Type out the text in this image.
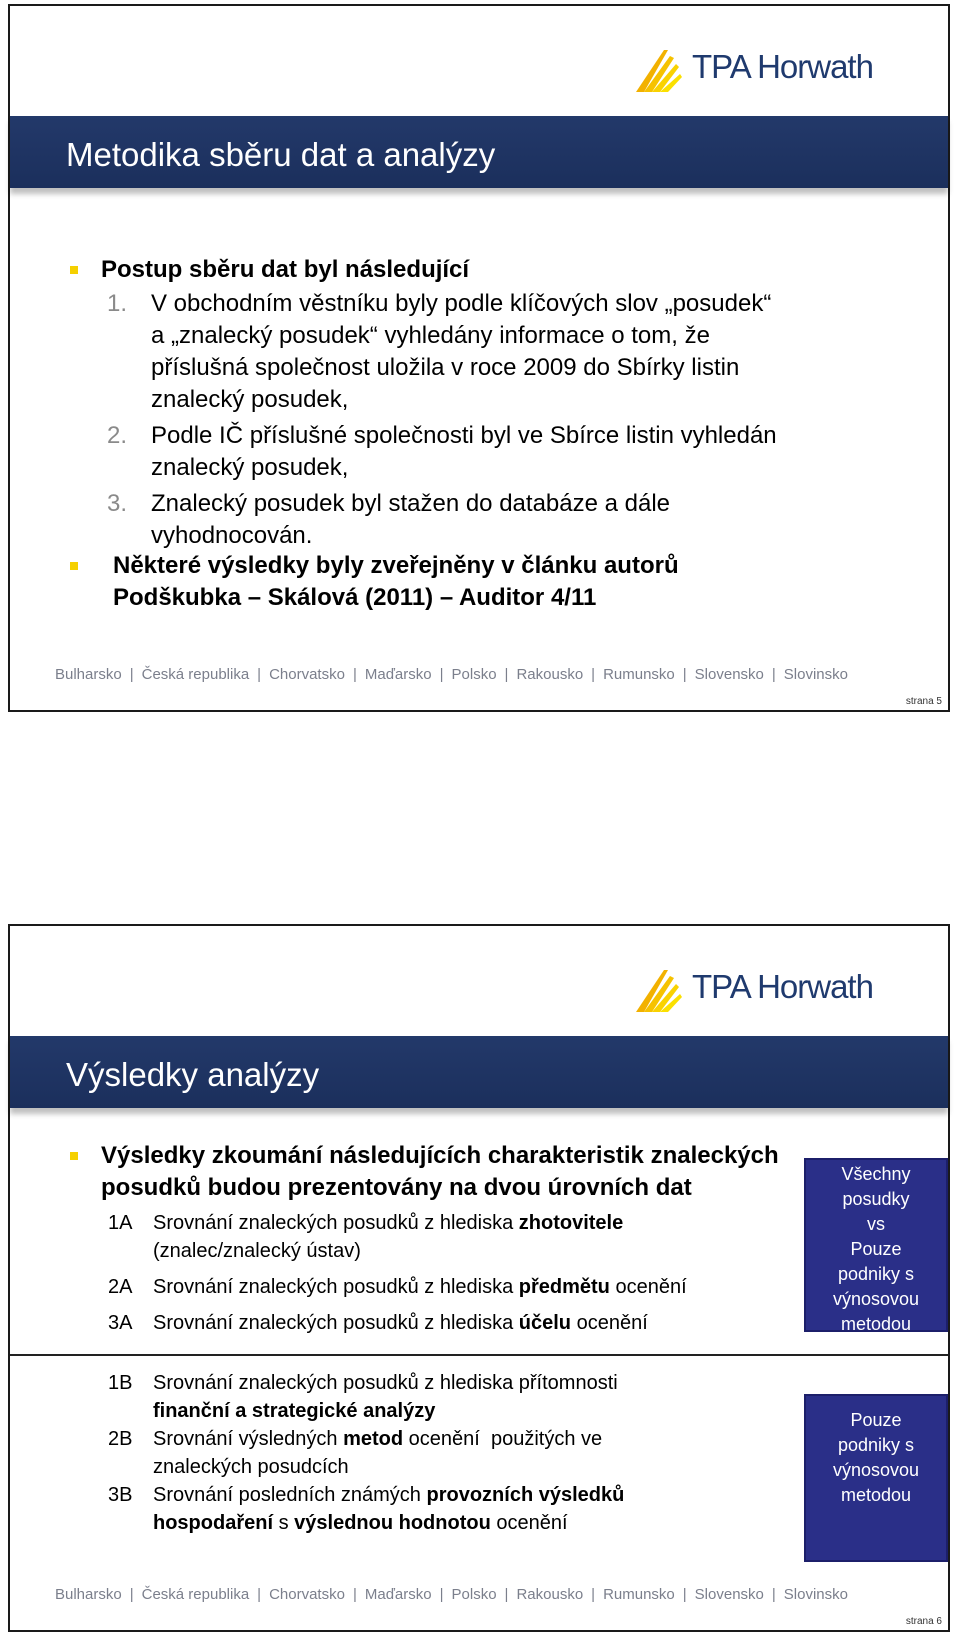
TPA Horwath
Metodika sběru dat a analýzy
Postup sběru dat byl následující
1. V obchodním věstníku byly podle klíčových slov „posudek“
a „znalecký posudek“ vyhledány informace o tom, že
příslušná společnost uložila v roce 2009 do Sbírky listin
znalecký posudek,
2. Podle IČ příslušné společnosti byl ve Sbírce listin vyhledán
znalecký posudek,
3. Znalecký posudek byl stažen do databáze a dále
vyhodnocován.
Některé výsledky byly zveřejněny v článku autorů
Podškubka – Skálová (2011) – Auditor 4/11
Bulharsko | Česká republika | Chorvatsko | Maďarsko | Polsko | Rakousko | Rumunsko | Slovensko | Slovinsko
strana 5
TPA Horwath
Výsledky analýzy
Výsledky zkoumání následujících charakteristik znaleckých
posudků budou prezentovány na dvou úrovních dat
1A Srovnání znaleckých posudků z hlediska zhotovitele
(znalec/znalecký ústav)
2A Srovnání znaleckých posudků z hlediska předmětu ocenění
3A Srovnání znaleckých posudků z hlediska účelu ocenění
1B Srovnání znaleckých posudků z hlediska přítomnosti
finanční a strategické analýzy
2B Srovnání výsledných metod ocenění  použitých ve
znaleckých posudcích
3B Srovnání posledních známých provozních výsledků
hospodaření s výslednou hodnotou ocenění
Všechny
posudky
vs
Pouze
podniky s
výnosovou
metodou
Pouze
podniky s
výnosovou
metodou
Bulharsko | Česká republika | Chorvatsko | Maďarsko | Polsko | Rakousko | Rumunsko | Slovensko | Slovinsko
strana 6
